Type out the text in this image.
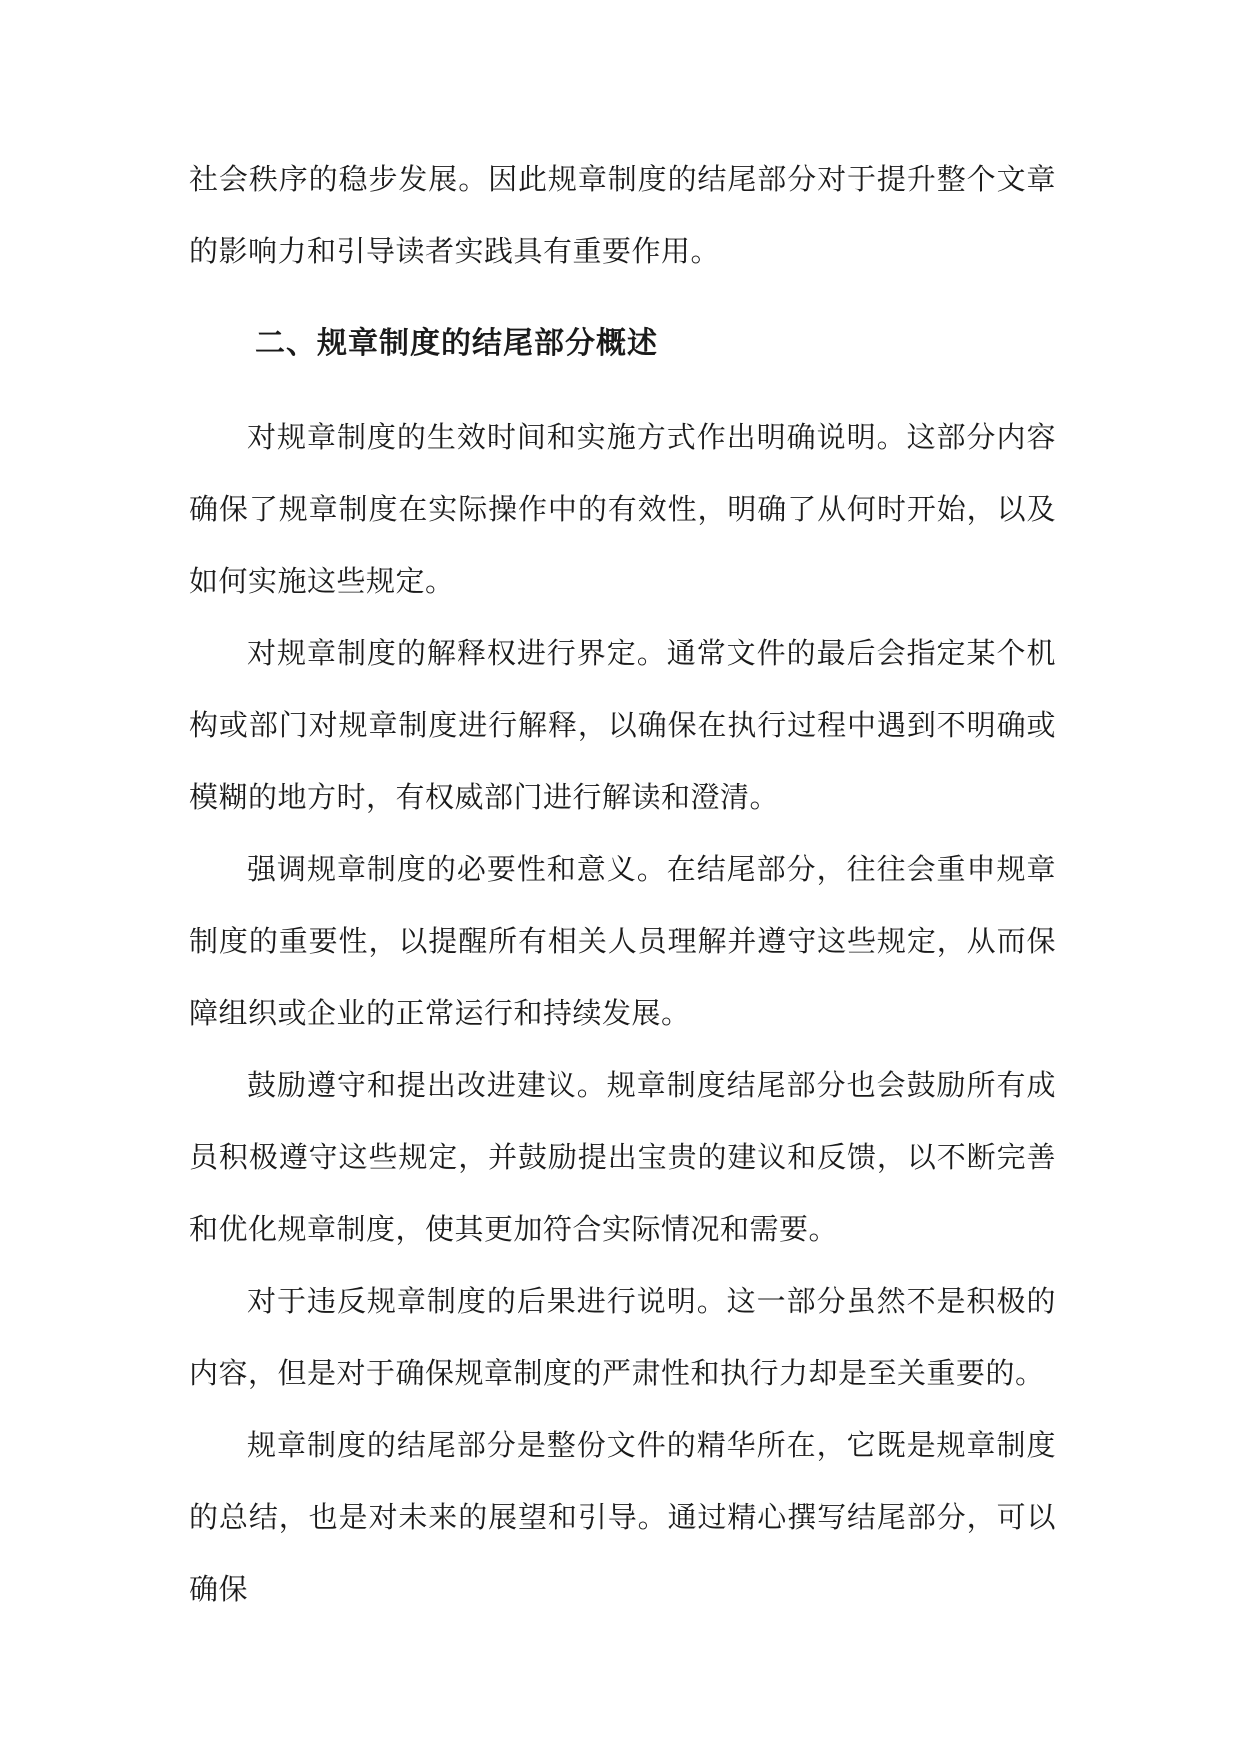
社会秩序的稳步发展。因此规章制度的结尾部分对于提升整个文章的影响力和引导读者实践具有重要作用。

二、规章制度的结尾部分概述

对规章制度的生效时间和实施方式作出明确说明。这部分内容确保了规章制度在实际操作中的有效性，明确了从何时开始，以及如何实施这些规定。

对规章制度的解释权进行界定。通常文件的最后会指定某个机构或部门对规章制度进行解释，以确保在执行过程中遇到不明确或模糊的地方时，有权威部门进行解读和澄清。

强调规章制度的必要性和意义。在结尾部分，往往会重申规章制度的重要性，以提醒所有相关人员理解并遵守这些规定，从而保障组织或企业的正常运行和持续发展。

鼓励遵守和提出改进建议。规章制度结尾部分也会鼓励所有成员积极遵守这些规定，并鼓励提出宝贵的建议和反馈，以不断完善和优化规章制度，使其更加符合实际情况和需要。

对于违反规章制度的后果进行说明。这一部分虽然不是积极的内容，但是对于确保规章制度的严肃性和执行力却是至关重要的。

规章制度的结尾部分是整份文件的精华所在，它既是规章制度的总结，也是对未来的展望和引导。通过精心撰写结尾部分，可以确保
